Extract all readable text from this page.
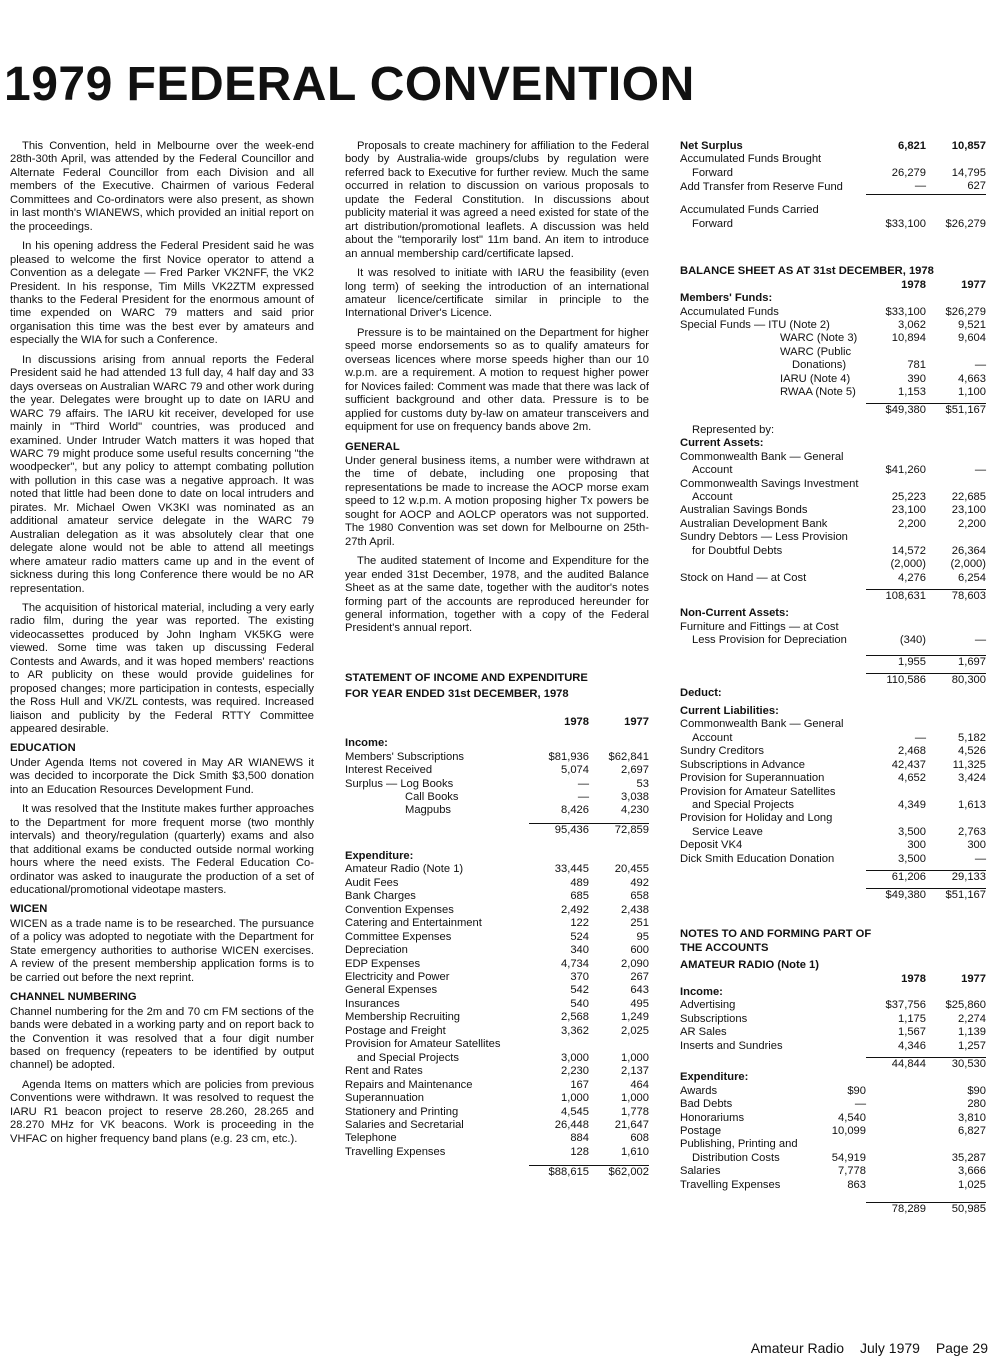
1979 FEDERAL CONVENTION

This Convention, held in Melbourne over the week-end 28th-30th April, was attended by the Federal Councillor and Alternate Federal Councillor from each Division and all members of the Executive. Chairmen of various Federal Committees and Co-ordinators were also present, as shown in last month's WIANEWS, which provided an initial report on the proceedings.

In his opening address the Federal President said he was pleased to welcome the first Novice operator to attend a Convention as a delegate — Fred Parker VK2NFF, the VK2 President. In his response, Tim Mills VK2ZTM expressed thanks to the Federal President for the enormous amount of time expended on WARC 79 matters and said prior organisation this time was the best ever by amateurs and especially the WIA for such a Conference.

In discussions arising from annual reports the Federal President said he had attended 13 full day, 4 half day and 33 days overseas on Australian WARC 79 and other work during the year. Delegates were brought up to date on IARU and WARC 79 affairs. The IARU kit receiver, developed for use mainly in "Third World" countries, was produced and examined. Under Intruder Watch matters it was hoped that WARC 79 might produce some useful results concerning "the woodpecker", but any policy to attempt combating pollution with pollution in this case was a negative approach. It was noted that little had been done to date on local intruders and pirates. Mr. Michael Owen VK3KI was nominated as an additional amateur service delegate in the WARC 79 Australian delegation as it was absolutely clear that one delegate alone would not be able to attend all meetings where amateur radio matters came up and in the event of sickness during this long Conference there would be no AR representation.

The acquisition of historical material, including a very early radio film, during the year was reported. The existing videocassettes produced by John Ingham VK5KG were viewed. Some time was taken up discussing Federal Contests and Awards, and it was hoped members' reactions to AR publicity on these would provide guidelines for proposed changes; more participation in contests, especially the Ross Hull and VK/ZL contests, was required. Increased liaison and publicity by the Federal RTTY Committee appeared desirable.

EDUCATION

Under Agenda Items not covered in May AR WIANEWS it was decided to incorporate the Dick Smith $3,500 donation into an Education Resources Development Fund.

It was resolved that the Institute makes further approaches to the Department for more frequent morse (two monthly intervals) and theory/regulation (quarterly) exams and also that additional exams be conducted outside normal working hours where the need exists. The Federal Education Co-ordinator was asked to inaugurate the production of a set of educational/promotional videotape masters.

WICEN

WICEN as a trade name is to be researched. The pursuance of a policy was adopted to negotiate with the Department for State emergency authorities to authorise WICEN exercises. A review of the present membership application forms is to be carried out before the next reprint.

CHANNEL NUMBERING

Channel numbering for the 2m and 70 cm FM sections of the bands were debated in a working party and on report back to the Convention it was resolved that a four digit number based on frequency (repeaters to be identified by output channel) be adopted.

Agenda Items on matters which are policies from previous Conventions were withdrawn. It was resolved to request the IARU R1 beacon project to reserve 28.260, 28.265 and 28.270 MHz for VK beacons. Work is proceeding in the VHFAC on higher frequency band plans (e.g. 23 cm, etc.).

Proposals to create machinery for affiliation to the Federal body by Australia-wide groups/clubs by regulation were referred back to Executive for further review. Much the same occurred in relation to discussion on various proposals to update the Federal Constitution. In discussions about publicity material it was agreed a need existed for state of the art distribution/promotional leaflets. A discussion was held about the "temporarily lost" 11m band. An item to introduce an annual membership card/certificate lapsed.

It was resolved to initiate with IARU the feasibility (even long term) of seeking the introduction of an international amateur licence/certificate similar in principle to the International Driver's Licence.

Pressure is to be maintained on the Department for higher speed morse endorsements so as to qualify amateurs for overseas licences where morse speeds higher than our 10 w.p.m. are a requirement. A motion to request higher power for Novices failed: Comment was made that there was lack of sufficient background and other data. Pressure is to be applied for customs duty by-law on amateur transceivers and equipment for use on frequency bands above 2m.

GENERAL

Under general business items, a number were withdrawn at the time of debate, including one proposing that representations be made to increase the AOCP morse exam speed to 12 w.p.m. A motion proposing higher Tx powers be sought for AOCP and AOLCP operators was not supported. The 1980 Convention was set down for Melbourne on 25th-27th April.

The audited statement of Income and Expenditure for the year ended 31st December, 1978, and the audited Balance Sheet as at the same date, together with the auditor's notes forming part of the accounts are reproduced hereunder for general information, together with a copy of the Federal President's annual report.

STATEMENT OF INCOME AND EXPENDITURE
FOR YEAR ENDED 31st DECEMBER, 1978
	1978	1977

Income:		
Members' Subscriptions	$81,936	$62,841
Interest Received	5,074	2,697
Surplus — Log Books	—	53
Call Books	—	3,038
Magpubs	8,426	4,230

	95,436	72,859

Expenditure:		
Amateur Radio (Note 1)	33,445	20,455
Audit Fees	489	492
Bank Charges	685	658
Convention Expenses	2,492	2,438
Catering and Entertainment	122	251
Committee Expenses	524	95
Depreciation	340	600
EDP Expenses	4,734	2,090
Electricity and Power	370	267
General Expenses	542	643
Insurances	540	495
Membership Recruiting	2,568	1,249
Postage and Freight	3,362	2,025
Provision for Amateur Satellites		
and Special Projects	3,000	1,000
Rent and Rates	2,230	2,137
Repairs and Maintenance	167	464
Superannuation	1,000	1,000
Stationery and Printing	4,545	1,778
Salaries and Secretarial	26,448	21,647
Telephone	884	608
Travelling Expenses	128	1,610

	$88,615	$62,002
Net Surplus	6,821	10,857
Accumulated Funds Brought		
Forward	26,279	14,795
Add Transfer from Reserve Fund	—	627

Accumulated Funds Carried		
Forward	$33,100	$26,279
BALANCE SHEET AS AT 31st DECEMBER, 1978
	1978	1977
Members' Funds:		
Accumulated Funds	$33,100	$26,279
Special Funds — ITU (Note 2)	3,062	9,521
WARC (Note 3)	10,894	9,604
WARC (Public		
Donations)	781	—
IARU (Note 4)	390	4,663
RWAA (Note 5)	1,153	1,100

	$49,380	$51,167

Represented by:		
Current Assets:		
Commonwealth Bank — General		
Account	$41,260	—
Commonwealth Savings Investment		
Account	25,223	22,685
Australian Savings Bonds	23,100	23,100
Australian Development Bank	2,200	2,200
Sundry Debtors — Less Provision		
for Doubtful Debts	14,572	26,364
	(2,000)	(2,000)
Stock on Hand — at Cost	4,276	6,254

	108,631	78,603

Non-Current Assets:		
Furniture and Fittings — at Cost		
Less Provision for Depreciation	(340)	—

	1,955	1,697

	110,586	80,300
Deduct:		

Current Liabilities:		
Commonwealth Bank — General		
Account	—	5,182
Sundry Creditors	2,468	4,526
Subscriptions in Advance	42,437	11,325
Provision for Superannuation	4,652	3,424
Provision for Amateur Satellites		
and Special Projects	4,349	1,613
Provision for Holiday and Long		
Service Leave	3,500	2,763
Deposit VK4	300	300
Dick Smith Education Donation	3,500	—

	61,206	29,133

	$49,380	$51,167
NOTES TO AND FORMING PART OF
THE ACCOUNTS
AMATEUR RADIO (Note 1)
		1978	1977
Income:			
Advertising		$37,756	$25,860
Subscriptions		1,175	2,274
AR Sales		1,567	1,139
Inserts and Sundries		4,346	1,257

		44,844	30,530
Expenditure:			
Awards	$90		$90
Bad Debts	—		280
Honorariums	4,540		3,810
Postage	10,099		6,827
Publishing, Printing and			
Distribution Costs	54,919		35,287
Salaries	7,778		3,666
Travelling Expenses	863		1,025

		78,289	50,985
Amateur Radio July 1979 Page 29
